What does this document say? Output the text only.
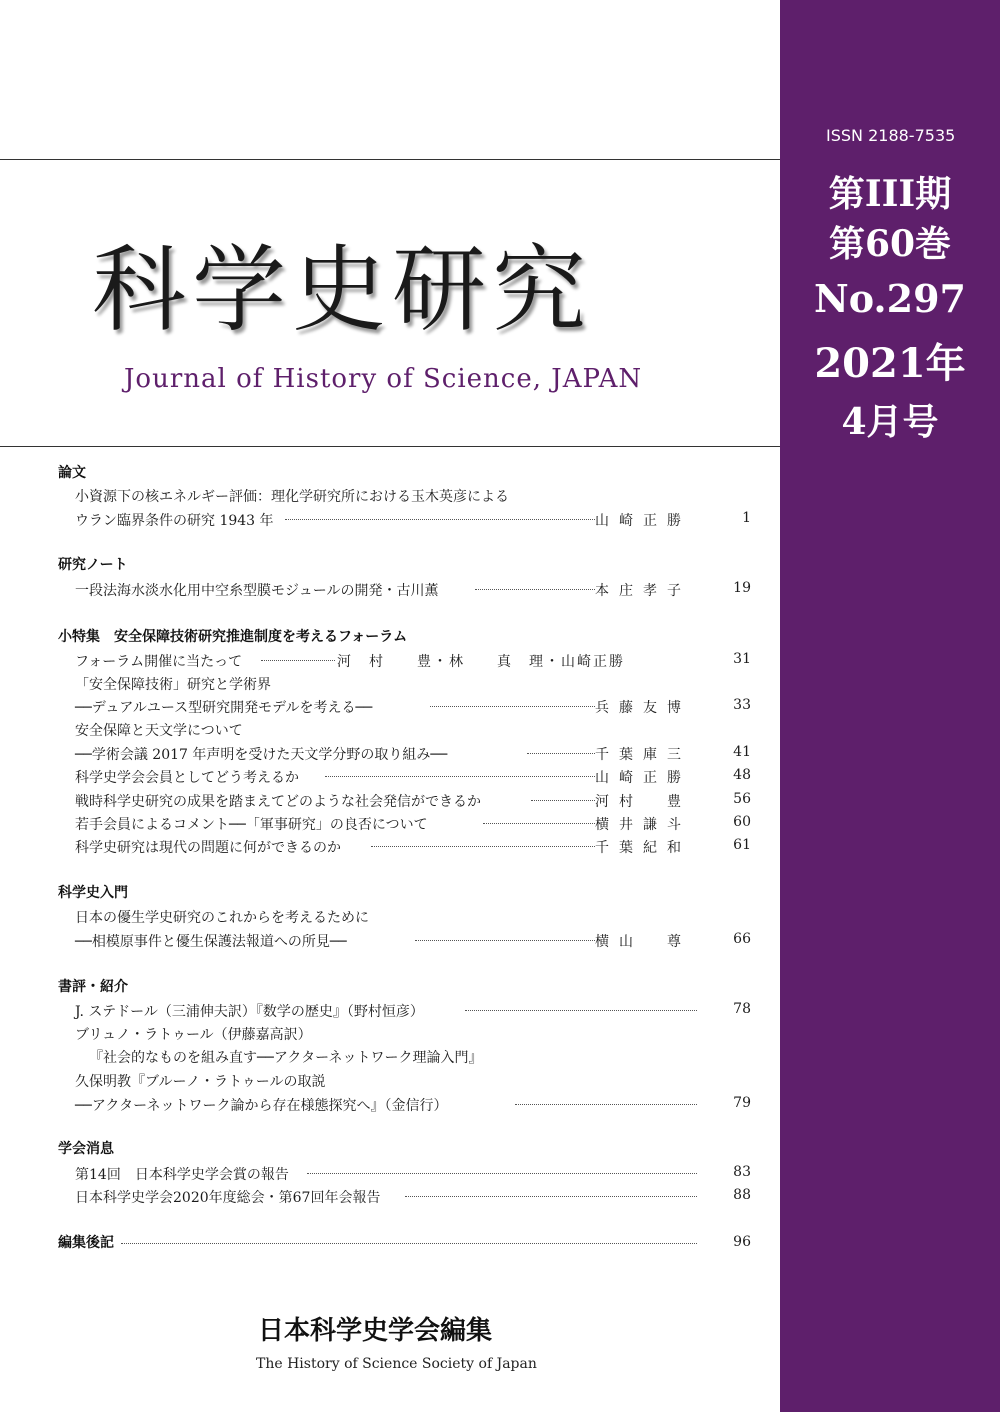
ISSN 2188-7535
第III期
第60巻
No.297
2021年
4月号
科学史研究
Journal of History of Science, JAPAN
論文
小資源下の核エネルギー評価：理化学研究所における玉木英彦による
ウラン臨界条件の研究 1943 年	山崎正勝	1
研究ノート
一段法海水淡水化用中空糸型膜モジュールの開発・古川薫	本庄孝子	19
小特集　安全保障技術研究推進制度を考えるフォーラム
フォーラム開催に当たって	河　村　　豊・林　　真　理・山崎正勝	31
「安全保障技術」研究と学術界
──デュアルユース型研究開発モデルを考える──	兵藤友博	33
安全保障と天文学について
──学術会議 2017 年声明を受けた天文学分野の取り組み──	千葉庫三	41
科学史学会会員としてどう考えるか	山崎正勝	48
戦時科学史研究の成果を踏まえてどのような社会発信ができるか	河村　豊	56
若手会員によるコメント──「軍事研究」の良否について	横井謙斗	60
科学史研究は現代の問題に何ができるのか	千葉紀和	61
科学史入門
日本の優生学史研究のこれからを考えるために
──相模原事件と優生保護法報道への所見──	横山　尊	66
書評・紹介
J. ステドール（三浦伸夫訳）『数学の歴史』（野村恒彦）	78
ブリュノ・ラトゥール（伊藤嘉高訳）
『社会的なものを組み直す──アクターネットワーク理論入門』
久保明教『ブルーノ・ラトゥールの取説
──アクターネットワーク論から存在様態探究へ』（金信行）	79
学会消息
第14回　日本科学史学会賞の報告	83
日本科学史学会2020年度総会・第67回年会報告	88
編集後記	96
日本科学史学会編集
The History of Science Society of Japan
